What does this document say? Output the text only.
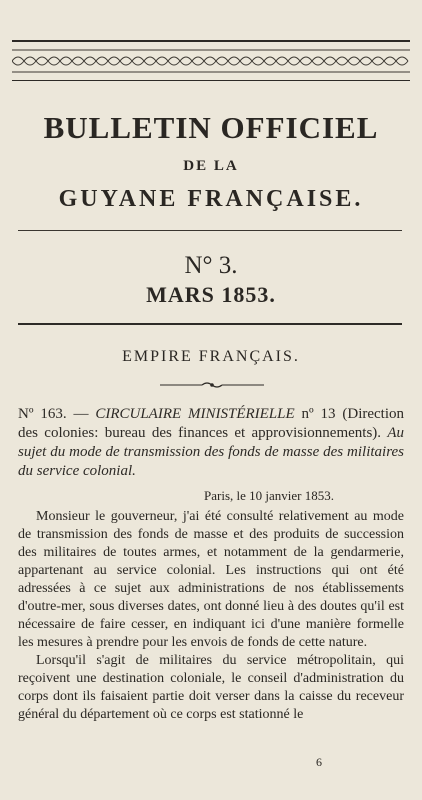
BULLETIN OFFICIEL
DE LA
GUYANE FRANÇAISE.
N° 3.
MARS 1853.
EMPIRE FRANÇAIS.
Nº 163. — CIRCULAIRE MINISTÉRIELLE nº 13 (Direction des colonies: bureau des finances et approvisionnements). Au sujet du mode de transmission des fonds de masse des militaires du service colonial.
Paris, le 10 janvier 1853.

Monsieur le gouverneur, j'ai été consulté relativement au mode de transmission des fonds de masse et des produits de succession des militaires de toutes armes, et notamment de la gendarmerie, appartenant au service colonial. Les instructions qui ont été adressées à ce sujet aux administrations de nos établissements d'outre-mer, sous diverses dates, ont donné lieu à des doutes qu'il est nécessaire de faire cesser, en indiquant ici d'une manière formelle les mesures à prendre pour les envois de fonds de cette nature.

Lorsqu'il s'agit de militaires du service métropolitain, qui reçoivent une destination coloniale, le conseil d'administration du corps dont ils faisaient partie doit verser dans la caisse du receveur général du département où ce corps est stationné le

6
